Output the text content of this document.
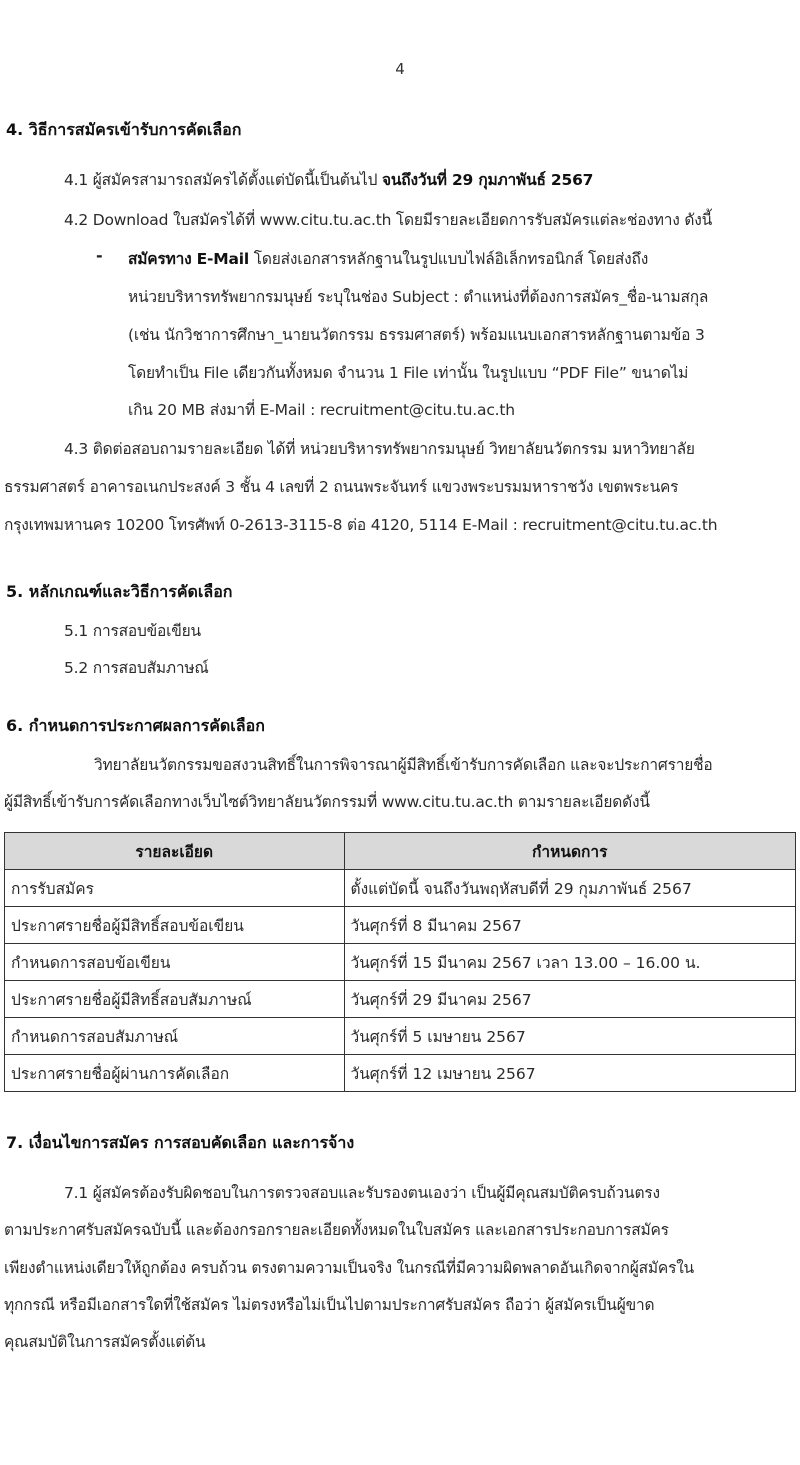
4
4. วิธีการสมัครเข้ารับการคัดเลือก
4.1 ผู้สมัครสามารถสมัครได้ตั้งแต่บัดนี้เป็นต้นไป จนถึงวันที่ 29 กุมภาพันธ์ 2567
4.2 Download ใบสมัครได้ที่ www.citu.tu.ac.th โดยมีรายละเอียดการรับสมัครแต่ละช่องทาง ดังนี้
- สมัครทาง E-Mail โดยส่งเอกสารหลักฐานในรูปแบบไฟล์อิเล็กทรอนิกส์ โดยส่งถึง
หน่วยบริหารทรัพยากรมนุษย์ ระบุในช่อง Subject : ตำแหน่งที่ต้องการสมัคร_ชื่อ-นามสกุล
(เช่น นักวิชาการศึกษา_นายนวัตกรรม ธรรมศาสตร์) พร้อมแนบเอกสารหลักฐานตามข้อ 3
โดยทำเป็น File เดียวกันทั้งหมด จำนวน 1 File เท่านั้น ในรูปแบบ “PDF File” ขนาดไม่
เกิน 20 MB ส่งมาที่ E-Mail : recruitment@citu.tu.ac.th
4.3 ติดต่อสอบถามรายละเอียด ได้ที่ หน่วยบริหารทรัพยากรมนุษย์ วิทยาลัยนวัตกรรม มหาวิทยาลัย
ธรรมศาสตร์ อาคารอเนกประสงค์ 3 ชั้น 4 เลขที่ 2 ถนนพระจันทร์ แขวงพระบรมมหาราชวัง เขตพระนคร
กรุงเทพมหานคร 10200 โทรศัพท์ 0-2613-3115-8 ต่อ 4120, 5114 E-Mail : recruitment@citu.tu.ac.th
5. หลักเกณฑ์และวิธีการคัดเลือก
5.1 การสอบข้อเขียน
5.2 การสอบสัมภาษณ์
6. กำหนดการประกาศผลการคัดเลือก
วิทยาลัยนวัตกรรมขอสงวนสิทธิ์ในการพิจารณาผู้มีสิทธิ์เข้ารับการคัดเลือก และจะประกาศรายชื่อ
ผู้มีสิทธิ์เข้ารับการคัดเลือกทางเว็บไซต์วิทยาลัยนวัตกรรมที่ www.citu.tu.ac.th ตามรายละเอียดดังนี้
รายละเอียด	กำหนดการ
การรับสมัคร	ตั้งแต่บัดนี้ จนถึงวันพฤหัสบดีที่ 29 กุมภาพันธ์ 2567
ประกาศรายชื่อผู้มีสิทธิ์สอบข้อเขียน	วันศุกร์ที่ 8 มีนาคม 2567
กำหนดการสอบข้อเขียน	วันศุกร์ที่ 15 มีนาคม 2567 เวลา 13.00 – 16.00 น.
ประกาศรายชื่อผู้มีสิทธิ์สอบสัมภาษณ์	วันศุกร์ที่ 29 มีนาคม 2567
กำหนดการสอบสัมภาษณ์	วันศุกร์ที่ 5 เมษายน 2567
ประกาศรายชื่อผู้ผ่านการคัดเลือก	วันศุกร์ที่ 12 เมษายน 2567
7. เงื่อนไขการสมัคร การสอบคัดเลือก และการจ้าง
7.1 ผู้สมัครต้องรับผิดชอบในการตรวจสอบและรับรองตนเองว่า เป็นผู้มีคุณสมบัติครบถ้วนตรง
ตามประกาศรับสมัครฉบับนี้ และต้องกรอกรายละเอียดทั้งหมดในใบสมัคร และเอกสารประกอบการสมัคร
เพียงตำแหน่งเดียวให้ถูกต้อง ครบถ้วน ตรงตามความเป็นจริง ในกรณีที่มีความผิดพลาดอันเกิดจากผู้สมัครใน
ทุกกรณี หรือมีเอกสารใดที่ใช้สมัคร ไม่ตรงหรือไม่เป็นไปตามประกาศรับสมัคร ถือว่า ผู้สมัครเป็นผู้ขาด
คุณสมบัติในการสมัครตั้งแต่ต้น
